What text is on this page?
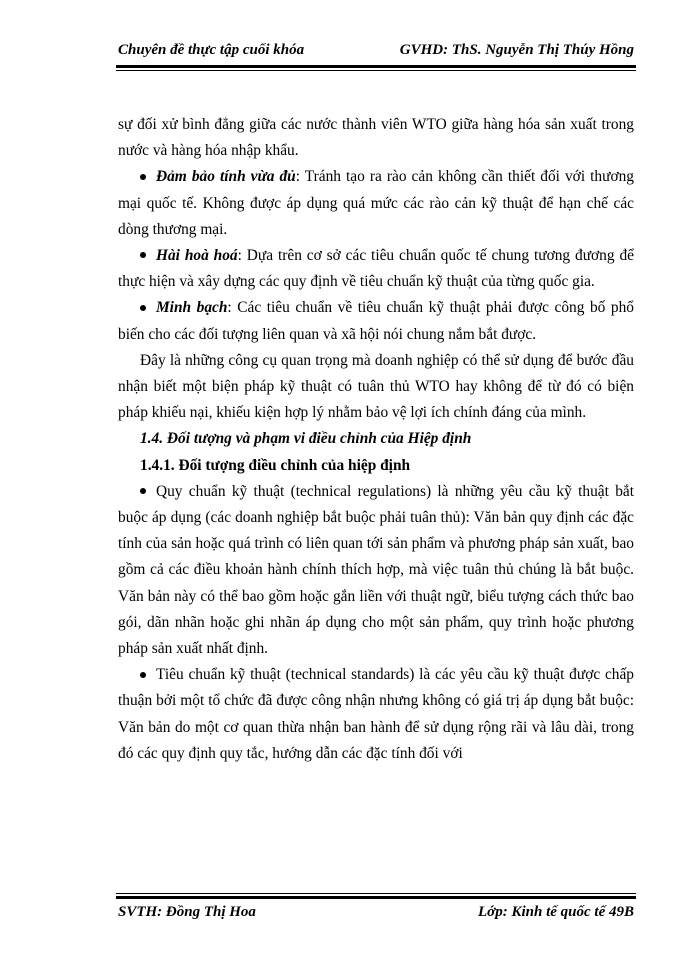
Chuyên đề thực tập cuối khóa	GVHD: ThS. Nguyễn Thị Thúy Hồng

sự đối xử bình đẳng giữa các nước thành viên WTO giữa hàng hóa sản xuất trong nước và hàng hóa nhập khẩu.

Đảm bảo tính vừa đủ: Tránh tạo ra rào cản không cần thiết đối với thương mại quốc tế. Không được áp dụng quá mức các rào cản kỹ thuật để hạn chế các dòng thương mại.

Hài hoà hoá: Dựa trên cơ sở các tiêu chuẩn quốc tế chung tương đương để thực hiện và xây dựng các quy định về tiêu chuẩn kỹ thuật của từng quốc gia.

Minh bạch: Các tiêu chuẩn về tiêu chuẩn kỹ thuật phải được công bố phổ biến cho các đối tượng liên quan và xã hội nói chung nắm bắt được.

Đây là những công cụ quan trọng mà doanh nghiệp có thể sử dụng để bước đầu nhận biết một biện pháp kỹ thuật có tuân thủ WTO hay không để từ đó có biện pháp khiếu nại, khiếu kiện hợp lý nhằm bảo vệ lợi ích chính đáng của mình.

1.4. Đối tượng và phạm vi điều chỉnh của Hiệp định

1.4.1. Đối tượng điều chỉnh của hiệp định

Quy chuẩn kỹ thuật (technical regulations) là những yêu cầu kỹ thuật bắt buộc áp dụng (các doanh nghiệp bắt buộc phải tuân thủ): Văn bản quy định các đặc tính của sản hoặc quá trình có liên quan tới sản phẩm và phương pháp sản xuất, bao gồm cả các điều khoản hành chính thích hợp, mà việc tuân thủ chúng là bắt buộc. Văn bản này có thể bao gồm hoặc gắn liền với thuật ngữ, biểu tượng cách thức bao gói, dãn nhãn hoặc ghi nhãn áp dụng cho một sản phẩm, quy trình hoặc phương pháp sản xuất nhất định.

Tiêu chuẩn kỹ thuật (technical standards) là các yêu cầu kỹ thuật được chấp thuận bởi một tổ chức đã được công nhận nhưng không có giá trị áp dụng bắt buộc: Văn bản do một cơ quan thừa nhận ban hành để sử dụng rộng rãi và lâu dài, trong đó các quy định quy tắc, hướng dẫn các đặc tính đối với

SVTH: Đồng Thị Hoa	Lớp: Kinh tế quốc tế 49B
